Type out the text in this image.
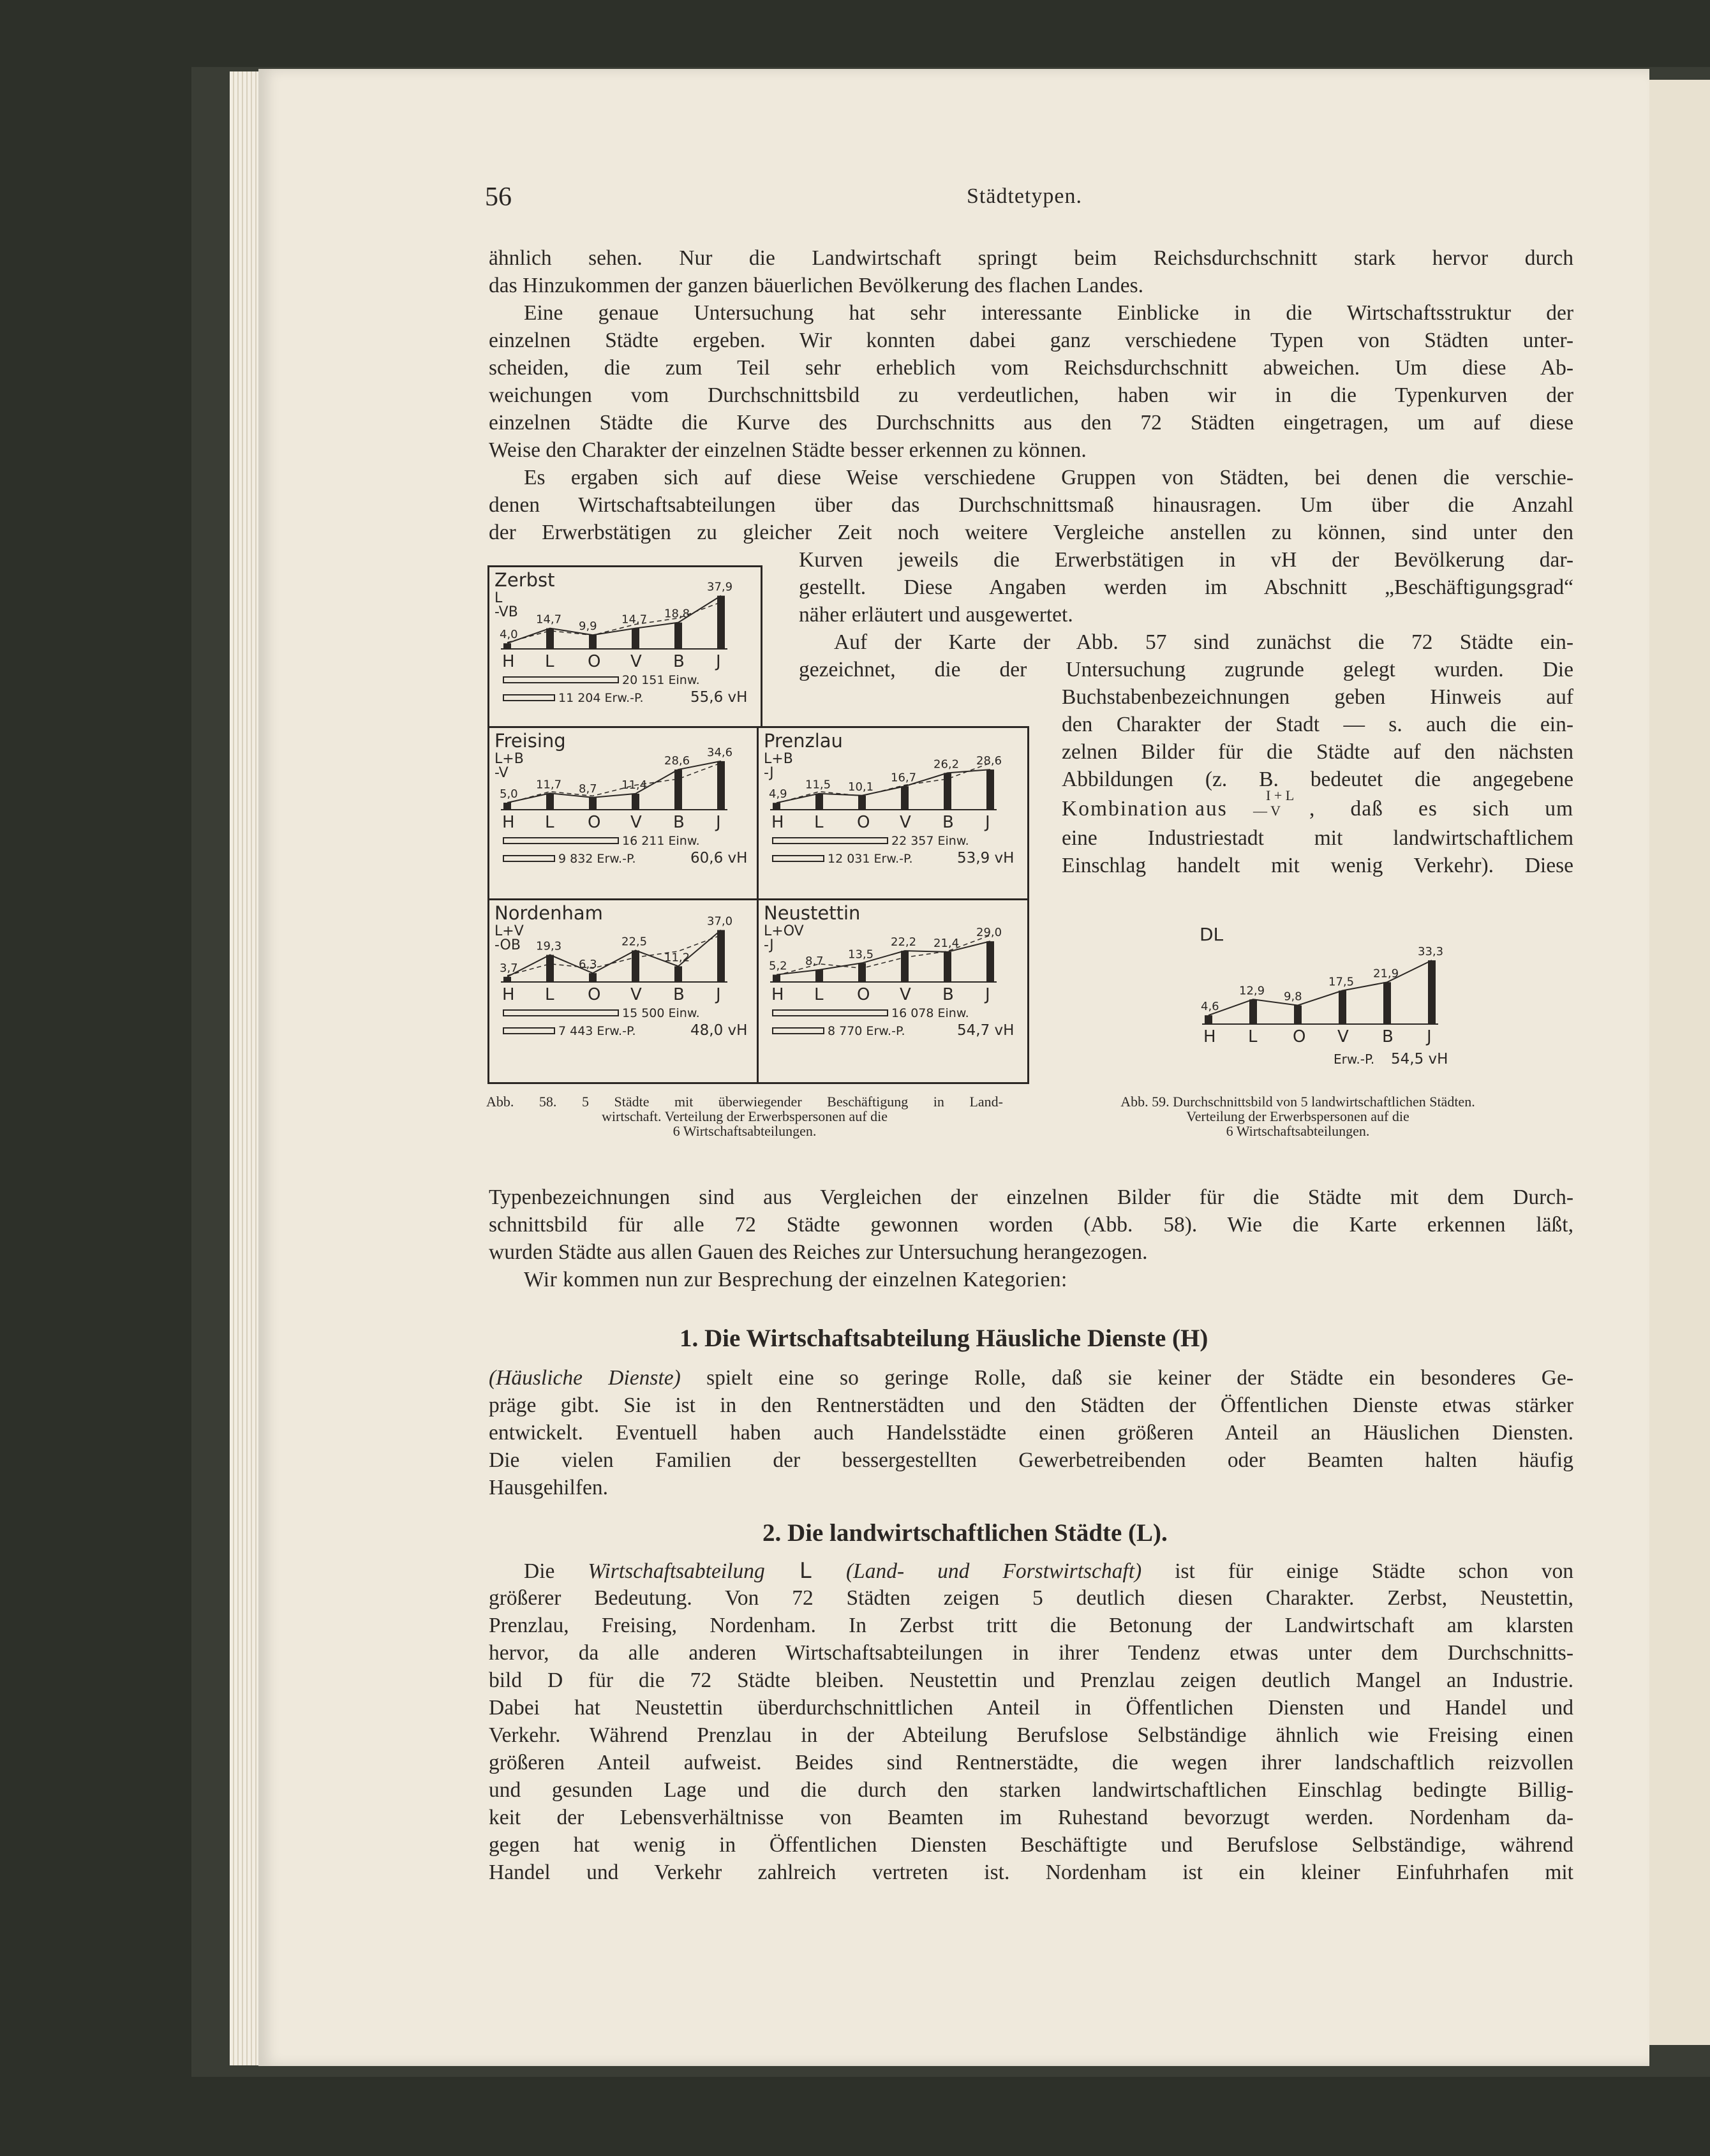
56	Städtetypen.
ähnlich sehen. Nur die Landwirtschaft springt beim Reichsdurchschnitt stark hervor durch
das Hinzukommen der ganzen bäuerlichen Bevölkerung des flachen Landes.
Eine genaue Untersuchung hat sehr interessante Einblicke in die Wirtschaftsstruktur der
einzelnen Städte ergeben. Wir konnten dabei ganz verschiedene Typen von Städten unter-
scheiden, die zum Teil sehr erheblich vom Reichsdurchschnitt abweichen. Um diese Ab-
weichungen vom Durchschnittsbild zu verdeutlichen, haben wir in die Typenkurven der
einzelnen Städte die Kurve des Durchschnitts aus den 72 Städten eingetragen, um auf diese
Weise den Charakter der einzelnen Städte besser erkennen zu können.
Es ergaben sich auf diese Weise verschiedene Gruppen von Städten, bei denen die verschie-
denen Wirtschaftsabteilungen über das Durchschnittsmaß hinausragen. Um über die Anzahl
der Erwerbstätigen zu gleicher Zeit noch weitere Vergleiche anstellen zu können, sind unter den
Kurven jeweils die Erwerbstätigen in vH der Bevölkerung dar-
gestellt. Diese Angaben werden im Abschnitt „Beschäftigungsgrad“
näher erläutert und ausgewertet.
Auf der Karte der Abb. 57 sind zunächst die 72 Städte ein-
gezeichnet, die der Untersuchung zugrunde gelegt wurden. Die
Buchstabenbezeichnungen geben Hinweis auf
den Charakter der Stadt — s. auch die ein-
zelnen Bilder für die Städte auf den nächsten
Abbildungen (z. B. bedeutet die angegebene
Kombination aus
I + L
— V , daß es sich um
eine Industriestadt mit landwirtschaftlichem
Einschlag handelt mit wenig Verkehr). Diese
Zerbst
L
-VB
4,0
H
14,7
L
9,9
O
14,7
V
18,8
B
37,9
J
20 151 Einw.
11 204 Erw.-P.	55,6 vH
Freising
L+B
-V
5,0
H
11,7
L
8,7
O
11,4
V
28,6
B
34,6
J
16 211 Einw.
9 832 Erw.-P.	60,6 vH
Prenzlau
L+B
-J
4,9
H
11,5
L
10,1
O
16,7
V
26,2
B
28,6
J
22 357 Einw.
12 031 Erw.-P.	53,9 vH
Nordenham
L+V
-OB
3,7
H
19,3
L
6,3
O
22,5
V
11,2
B
37,0
J
15 500 Einw.
7 443 Erw.-P.	48,0 vH
Neustettin
L+OV
-J
5,2
H
8,7
L
13,5
O
22,2
V
21,4
B
29,0
J
16 078 Einw.
8 770 Erw.-P.	54,7 vH
DL
4,6
H
12,9
L
9,8
O
17,5
V
21,9
B
33,3
J
Erw.-P. 54,5 vH
Abb. 58. 5 Städte mit überwiegender Beschäftigung in Land-
wirtschaft. Verteilung der Erwerbspersonen auf die
6 Wirtschaftsabteilungen.
Abb. 59. Durchschnittsbild von 5 landwirtschaftlichen Städten.
Verteilung der Erwerbspersonen auf die
6 Wirtschaftsabteilungen.
Typenbezeichnungen sind aus Vergleichen der einzelnen Bilder für die Städte mit dem Durch-
schnittsbild für alle 72 Städte gewonnen worden (Abb. 58). Wie die Karte erkennen läßt,
wurden Städte aus allen Gauen des Reiches zur Untersuchung herangezogen.
Wir kommen nun zur Besprechung der einzelnen Kategorien:
1. Die Wirtschaftsabteilung Häusliche Dienste (H)
(Häusliche Dienste) spielt eine so geringe Rolle, daß sie keiner der Städte ein besonderes Ge-
präge gibt. Sie ist in den Rentnerstädten und den Städten der Öffentlichen Dienste etwas stärker
entwickelt. Eventuell haben auch Handelsstädte einen größeren Anteil an Häuslichen Diensten.
Die vielen Familien der bessergestellten Gewerbetreibenden oder Beamten halten häufig
Hausgehilfen.
2. Die landwirtschaftlichen Städte (L).
Die Wirtschaftsabteilung L (Land- und Forstwirtschaft) ist für einige Städte schon von
größerer Bedeutung. Von 72 Städten zeigen 5 deutlich diesen Charakter. Zerbst, Neustettin,
Prenzlau, Freising, Nordenham. In Zerbst tritt die Betonung der Landwirtschaft am klarsten
hervor, da alle anderen Wirtschaftsabteilungen in ihrer Tendenz etwas unter dem Durchschnitts-
bild D für die 72 Städte bleiben. Neustettin und Prenzlau zeigen deutlich Mangel an Industrie.
Dabei hat Neustettin überdurchschnittlichen Anteil in Öffentlichen Diensten und Handel und
Verkehr. Während Prenzlau in der Abteilung Berufslose Selbständige ähnlich wie Freising einen
größeren Anteil aufweist. Beides sind Rentnerstädte, die wegen ihrer landschaftlich reizvollen
und gesunden Lage und die durch den starken landwirtschaftlichen Einschlag bedingte Billig-
keit der Lebensverhältnisse von Beamten im Ruhestand bevorzugt werden. Nordenham da-
gegen hat wenig in Öffentlichen Diensten Beschäftigte und Berufslose Selbständige, während
Handel und Verkehr zahlreich vertreten ist. Nordenham ist ein kleiner Einfuhrhafen mit
